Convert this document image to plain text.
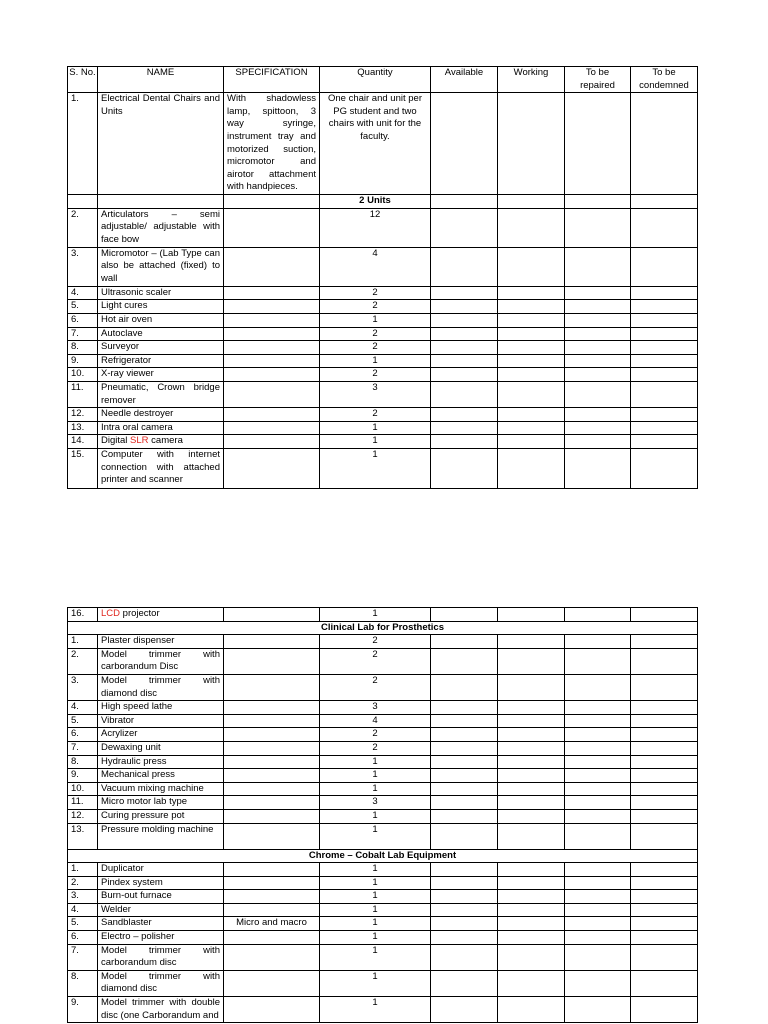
S. No.	NAME	SPECIFICATION	Quantity	Available	Working	To be repaired	To be condemned
1.	Electrical Dental Chairs and Units	With shadowless lamp, spittoon, 3 way syringe, instrument tray and motorized suction, micromotor and airotor attachment with handpieces.	One chair and unit per PG student and two chairs with unit for the faculty.				
			2 Units				
2.	Articulators – semi adjustable/ adjustable with face bow		12				
3.	Micromotor – (Lab Type can also be attached (fixed) to wall		4				
4.	Ultrasonic scaler		2				
5.	Light cures		2				
6.	Hot air oven		1				
7.	Autoclave		2				
8.	Surveyor		2				
9.	Refrigerator		1				
10.	X-ray viewer		2				
11.	Pneumatic, Crown bridge remover		3				
12.	Needle destroyer		2				
13.	Intra oral camera		1				
14.	Digital SLR camera		1				
15.	Computer with internet connection with attached printer and scanner		1				
16.	LCD projector		1				
Clinical Lab for Prosthetics							
1.	Plaster dispenser		2				
2.	Model trimmer with carborandum Disc		2				
3.	Model trimmer with diamond disc		2				
4.	High speed lathe		3				
5.	Vibrator		4				
6.	Acrylizer		2				
7.	Dewaxing unit		2				
8.	Hydraulic press		1				
9.	Mechanical press		1				
10.	Vacuum mixing machine		1				
11.	Micro motor lab type		3				
12.	Curing pressure pot		1				
13.	Pressure molding machine		1				
Chrome – Cobalt Lab Equipment							
1.	Duplicator		1				
2.	Pindex system		1				
3.	Burn-out furnace		1				
4.	Welder		1				
5.	Sandblaster	Micro and macro	1				
6.	Electro – polisher		1				
7.	Model trimmer with carborandum disc		1				
8.	Model trimmer with diamond disc		1				
9.	Model trimmer with double disc (one Carborandum and		1				
